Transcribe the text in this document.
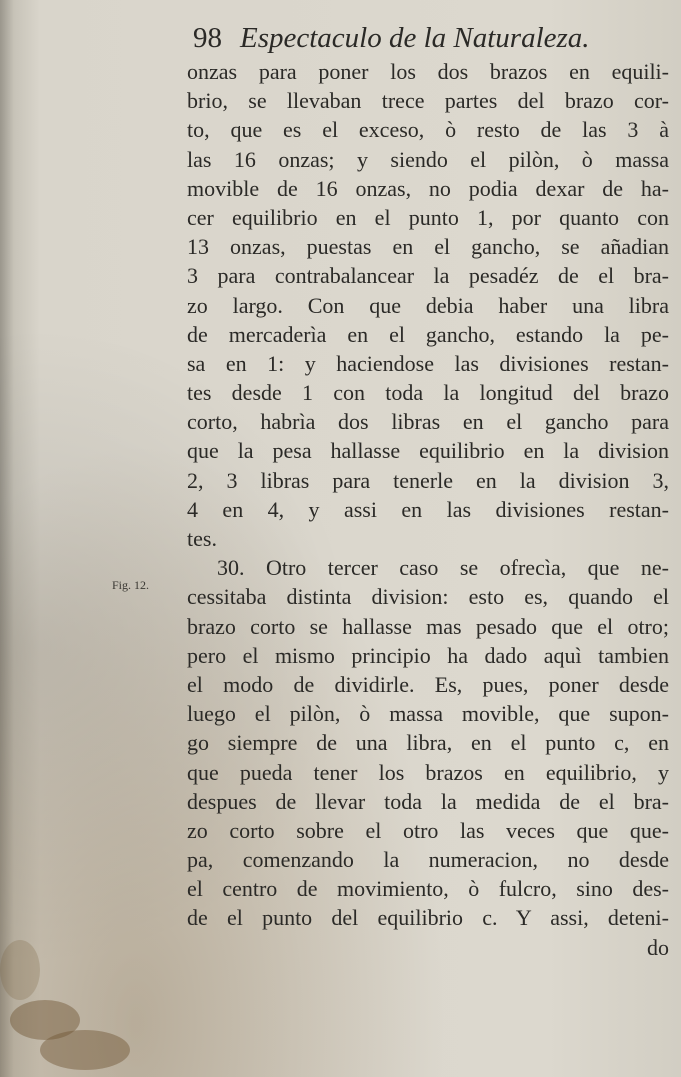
98 Espectaculo de la Naturaleza.
Fig. 12.
onzas para poner los dos brazos en equili-
brio, se llevaban trece partes del brazo cor-
to, que es el exceso, ò resto de las 3 à
las 16 onzas; y siendo el pilòn, ò massa
movible de 16 onzas, no podia dexar de ha-
cer equilibrio en el punto 1, por quanto con
13 onzas, puestas en el gancho, se añadian
3 para contrabalancear la pesadéz de el bra-
zo largo. Con que debia haber una libra
de mercaderìa en el gancho, estando la pe-
sa en 1: y haciendose las divisiones restan-
tes desde 1 con toda la longitud del brazo
corto, habrìa dos libras en el gancho para
que la pesa hallasse equilibrio en la division
2, 3 libras para tenerle en la division 3,
4 en 4, y assi en las divisiones restan-
tes.
30. Otro tercer caso se ofrecìa, que ne-
cessitaba distinta division: esto es, quando el
brazo corto se hallasse mas pesado que el otro;
pero el mismo principio ha dado aquì tambien
el modo de dividirle. Es, pues, poner desde
luego el pilòn, ò massa movible, que supon-
go siempre de una libra, en el punto c, en
que pueda tener los brazos en equilibrio, y
despues de llevar toda la medida de el bra-
zo corto sobre el otro las veces que que-
pa, comenzando la numeracion, no desde
el centro de movimiento, ò fulcro, sino des-
de el punto del equilibrio c. Y assi, deteni-
do
